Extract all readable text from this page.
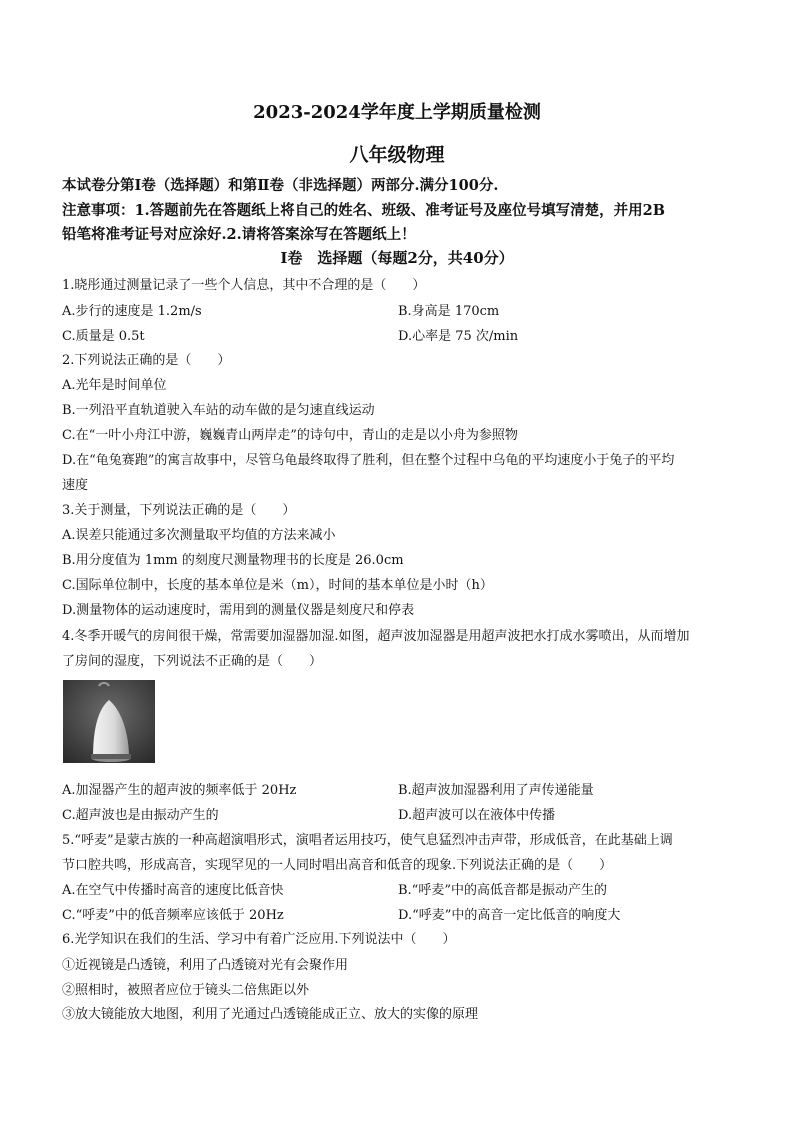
2023-2024学年度上学期质量检测
八年级物理
本试卷分第Ⅰ卷（选择题）和第Ⅱ卷（非选择题）两部分.满分100分.
注意事项：1.答题前先在答题纸上将自己的姓名、班级、准考证号及座位号填写清楚，并用2B
铅笔将准考证号对应涂好.2.请将答案涂写在答题纸上！
Ⅰ卷　选择题（每题2分，共40分）
1.晓彤通过测量记录了一些个人信息，其中不合理的是（　　）
A.步行的速度是 1.2m/s	B.身高是 170cm
C.质量是 0.5t	D.心率是 75 次/min
2.下列说法正确的是（　　）
A.光年是时间单位
B.一列沿平直轨道驶入车站的动车做的是匀速直线运动
C.在“一叶小舟江中游，巍巍青山两岸走”的诗句中，青山的走是以小舟为参照物
D.在“龟兔赛跑”的寓言故事中，尽管乌龟最终取得了胜利，但在整个过程中乌龟的平均速度小于兔子的平均
速度
3.关于测量，下列说法正确的是（　　）
A.误差只能通过多次测量取平均值的方法来减小
B.用分度值为 1mm 的刻度尺测量物理书的长度是 26.0cm
C.国际单位制中，长度的基本单位是米（m），时间的基本单位是小时（h）
D.测量物体的运动速度时，需用到的测量仪器是刻度尺和停表
4.冬季开暖气的房间很干燥，常需要加湿器加湿.如图，超声波加湿器是用超声波把水打成水雾喷出，从而增加
了房间的湿度，下列说法不正确的是（　　）
A.加湿器产生的超声波的频率低于 20Hz	B.超声波加湿器利用了声传递能量
C.超声波也是由振动产生的	D.超声波可以在液体中传播
5.“呼麦”是蒙古族的一种高超演唱形式，演唱者运用技巧，使气息猛烈冲击声带，形成低音，在此基础上调
节口腔共鸣，形成高音，实现罕见的一人同时唱出高音和低音的现象.下列说法正确的是（　　）
A.在空气中传播时高音的速度比低音快	B.“呼麦”中的高低音都是振动产生的
C.“呼麦”中的低音频率应该低于 20Hz	D.“呼麦”中的高音一定比低音的响度大
6.光学知识在我们的生活、学习中有着广泛应用.下列说法中（　　）
①近视镜是凸透镜，利用了凸透镜对光有会聚作用
②照相时，被照者应位于镜头二倍焦距以外
③放大镜能放大地图，利用了光通过凸透镜能成正立、放大的实像的原理
